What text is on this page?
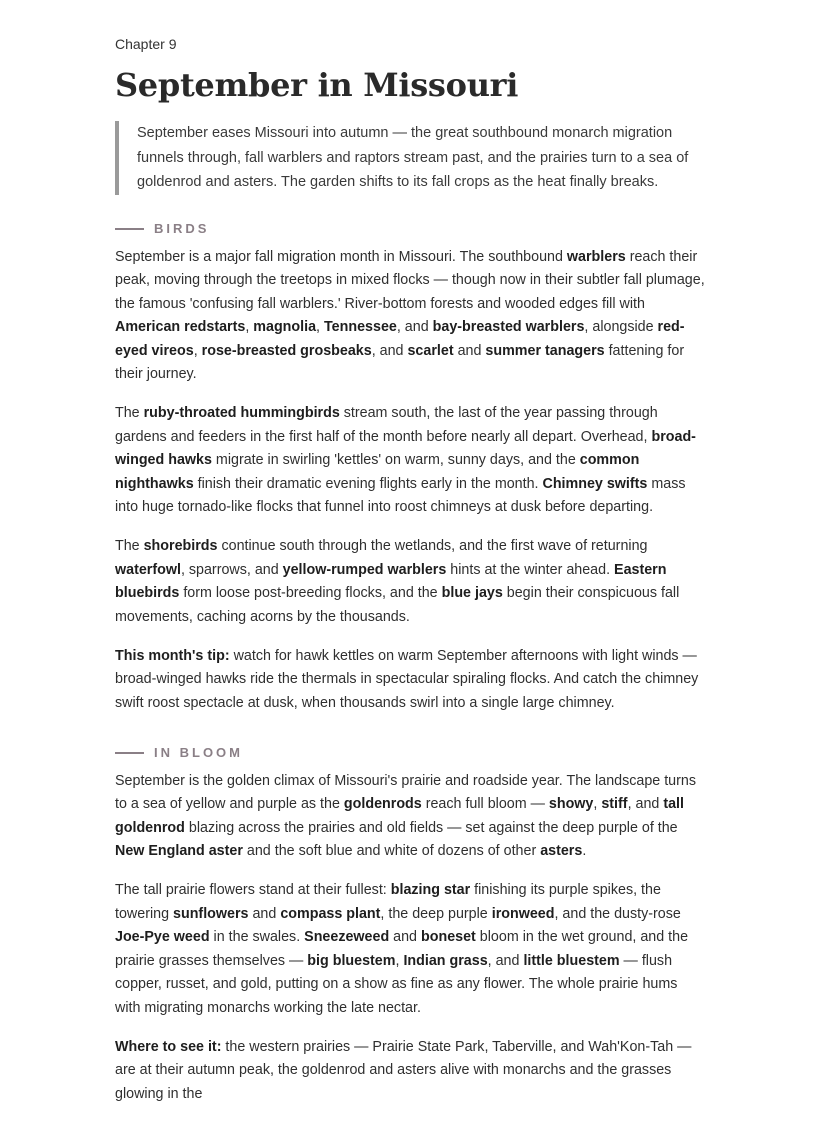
Chapter 9
September in Missouri
September eases Missouri into autumn — the great southbound monarch migration funnels through, fall warblers and raptors stream past, and the prairies turn to a sea of goldenrod and asters. The garden shifts to its fall crops as the heat finally breaks.
BIRDS

September is a major fall migration month in Missouri. The southbound warblers reach their peak, moving through the treetops in mixed flocks — though now in their subtler fall plumage, the famous 'confusing fall warblers.' River-bottom forests and wooded edges fill with American redstarts, magnolia, Tennessee, and bay-breasted warblers, alongside red-eyed vireos, rose-breasted grosbeaks, and scarlet and summer tanagers fattening for their journey.

The ruby-throated hummingbirds stream south, the last of the year passing through gardens and feeders in the first half of the month before nearly all depart. Overhead, broad-winged hawks migrate in swirling 'kettles' on warm, sunny days, and the common nighthawks finish their dramatic evening flights early in the month. Chimney swifts mass into huge tornado-like flocks that funnel into roost chimneys at dusk before departing.

The shorebirds continue south through the wetlands, and the first wave of returning waterfowl, sparrows, and yellow-rumped warblers hints at the winter ahead. Eastern bluebirds form loose post-breeding flocks, and the blue jays begin their conspicuous fall movements, caching acorns by the thousands.

This month's tip: watch for hawk kettles on warm September afternoons with light winds — broad-winged hawks ride the thermals in spectacular spiraling flocks. And catch the chimney swift roost spectacle at dusk, when thousands swirl into a single large chimney.

IN BLOOM

September is the golden climax of Missouri's prairie and roadside year. The landscape turns to a sea of yellow and purple as the goldenrods reach full bloom — showy, stiff, and tall goldenrod blazing across the prairies and old fields — set against the deep purple of the New England aster and the soft blue and white of dozens of other asters.

The tall prairie flowers stand at their fullest: blazing star finishing its purple spikes, the towering sunflowers and compass plant, the deep purple ironweed, and the dusty-rose Joe-Pye weed in the swales. Sneezeweed and boneset bloom in the wet ground, and the prairie grasses themselves — big bluestem, Indian grass, and little bluestem — flush copper, russet, and gold, putting on a show as fine as any flower. The whole prairie hums with migrating monarchs working the late nectar.

Where to see it: the western prairies — Prairie State Park, Taberville, and Wah'Kon-Tah — are at their autumn peak, the goldenrod and asters alive with monarchs and the grasses glowing in the
